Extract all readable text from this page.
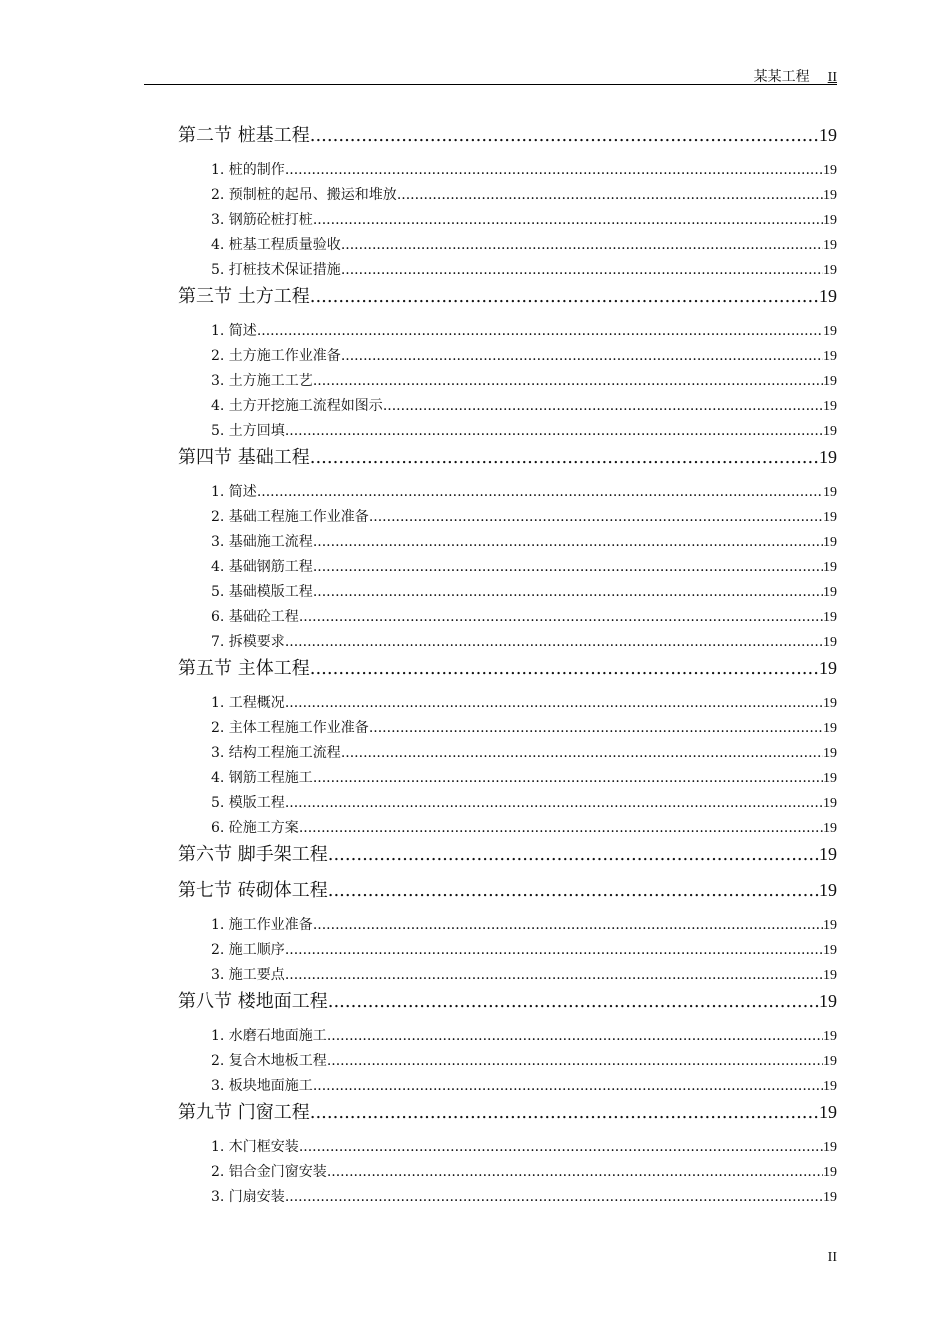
某某工程 II
第二节 桩基工程 .....	19
1. 桩的制作 .....	19
2. 预制桩的起吊、搬运和堆放 .....	19
3. 钢筋砼桩打桩 .....	19
4. 桩基工程质量验收 .....	19
5. 打桩技术保证措施 .....	19
第三节 土方工程 .....	19
1. 简述 .....	19
2. 土方施工作业准备 .....	19
3. 土方施工工艺 .....	19
4. 土方开挖施工流程如图示 .....	19
5. 土方回填 .....	19
第四节 基础工程 .....	19
1. 简述 .....	19
2. 基础工程施工作业准备 .....	19
3. 基础施工流程 .....	19
4. 基础钢筋工程 .....	19
5. 基础模版工程 .....	19
6. 基础砼工程 .....	19
7. 拆模要求 .....	19
第五节 主体工程 .....	19
1. 工程概况 .....	19
2. 主体工程施工作业准备 .....	19
3. 结构工程施工流程 .....	19
4. 钢筋工程施工 .....	19
5. 模版工程 .....	19
6. 砼施工方案 .....	19
第六节 脚手架工程 .....	19
第七节 砖砌体工程 .....	19
1. 施工作业准备 .....	19
2. 施工顺序 .....	19
3. 施工要点 .....	19
第八节 楼地面工程 .....	19
1. 水磨石地面施工 .....	19
2. 复合木地板工程 .....	19
3. 板块地面施工 .....	19
第九节 门窗工程 .....	19
1. 木门框安装 .....	19
2. 铝合金门窗安装 .....	19
3. 门扇安装 .....	19
II
